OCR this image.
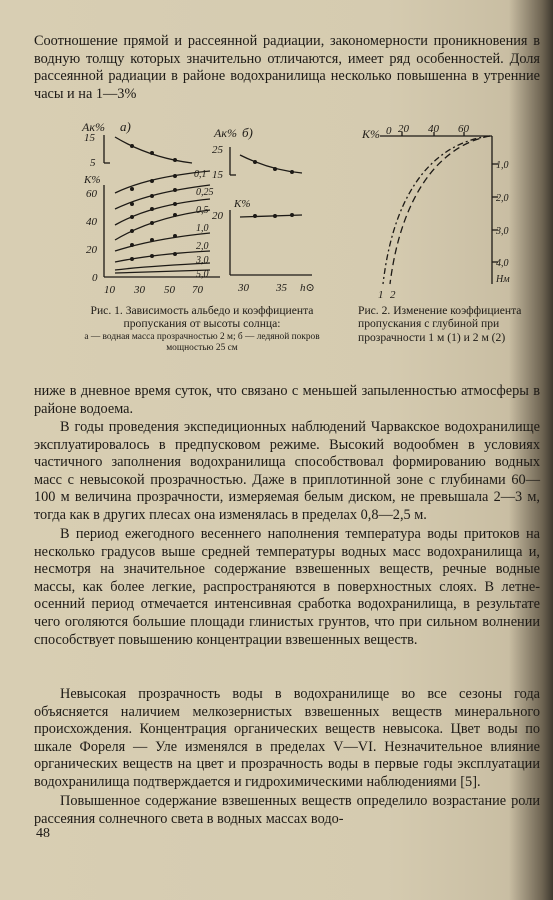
Соотношение прямой и рассеянной радиации, закономерности проникновения в водную толщу которых значительно отличаются, имеет ряд особенностей. Доля рассеянной радиации в районе водохранилища несколько повышенна в утренние часы и на 1—3%

Aк% а)
15
5
K%
60
40
20
0
10 30 50 70
0,1
0,25
0,5
1,0
2,0
3,0
5,0
Aк% б)
25
15
K%
20
30 35 h⊙
K% 0 20 40 60
1,0
2,0
3,0
4,0
Hм
1 2

Рис. 1. Зависимость альбедо и коэффициента пропускания от высоты солнца:

а — водная масса прозрачностью 2 м; б — ледяной покров мощностью 25 см

Рис. 2. Изменение коэффициента пропускания с глубиной при прозрачности 1 м (1) и 2 м (2)

ниже в дневное время суток, что связано с меньшей запыленностью атмосферы в районе водоема.

В годы проведения экспедиционных наблюдений Чарвакское водохранилище эксплуатировалось в предпусковом режиме. Высокий водообмен в условиях частичного заполнения водохранилища способствовал формированию водных масс с невысокой прозрачностью. Даже в приплотинной зоне с глубинами 60—100 м величина прозрачности, измеряемая белым диском, не превышала 2—3 м, тогда как в других плесах она изменялась в пределах 0,8—2,5 м.

В период ежегодного весеннего наполнения температура воды притоков на несколько градусов выше средней температуры водных масс водохранилища и, несмотря на значительное содержание взвешенных веществ, речные водные массы, как более легкие, распространяются в поверхностных слоях. В летне-осенний период отмечается интенсивная сработка водохранилища, в результате чего оголяются большие площади глинистых грунтов, что при сильном волнении способствует повышению концентрации взвешенных веществ.

Невысокая прозрачность воды в водохранилище во все сезоны года объясняется наличием мелкозернистых взвешенных веществ минерального происхождения. Концентрация органических веществ невысока. Цвет воды по шкале Фореля — Уле изменялся в пределах V—VI. Незначительное влияние органических веществ на цвет и прозрачность воды в первые годы эксплуатации водохранилища подтверждается и гидрохимическими наблюдениями [5].

Повышенное содержание взвешенных веществ определило возрастание роли рассеяния солнечного света в водных массах водо-

48
